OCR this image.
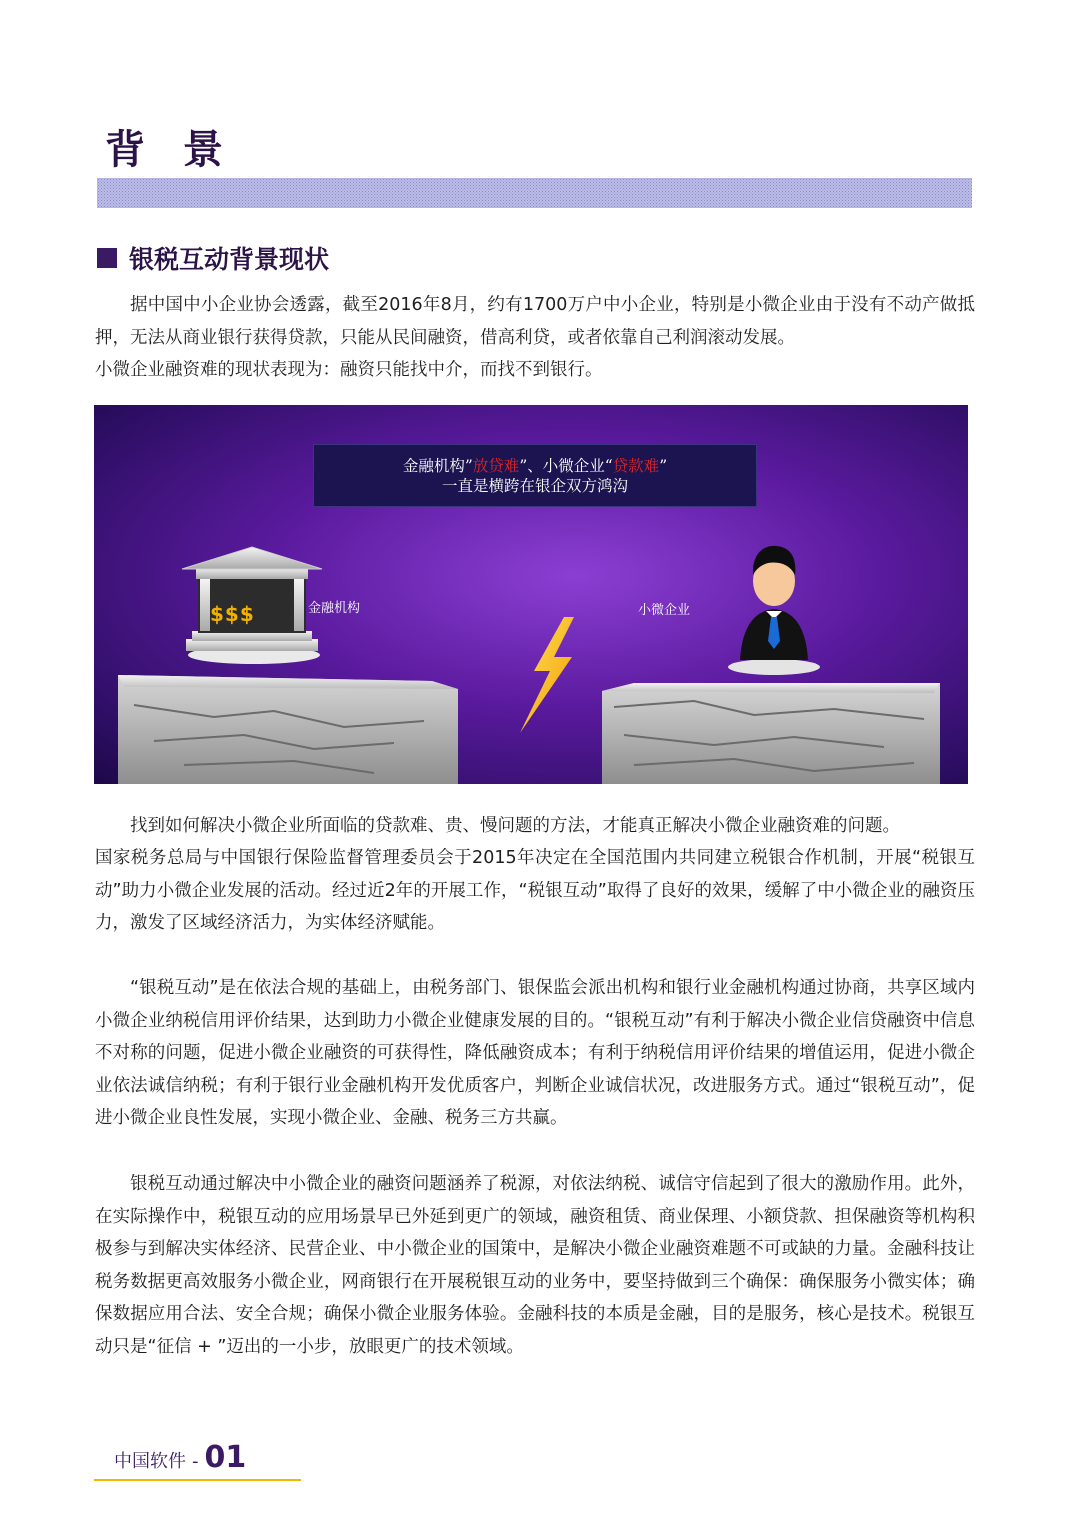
背 景
银税互动背景现状

据中国中小企业协会透露，截至2016年8月，约有1700万户中小企业，特别是小微企业由于没有不动产做抵押，无法从商业银行获得贷款，只能从民间融资，借高利贷，或者依靠自己利润滚动发展。

小微企业融资难的现状表现为：融资只能找中介，而找不到银行。

金融机构”放贷难”、小微企业“贷款难”
一直是横跨在银企双方鸿沟
$$$	金融机构	小微企业

找到如何解决小微企业所面临的贷款难、贵、慢问题的方法，才能真正解决小微企业融资难的问题。

国家税务总局与中国银行保险监督管理委员会于2015年决定在全国范围内共同建立税银合作机制，开展“税银互动”助力小微企业发展的活动。经过近2年的开展工作，“税银互动”取得了良好的效果，缓解了中小微企业的融资压力，激发了区域经济活力，为实体经济赋能。

“银税互动”是在依法合规的基础上，由税务部门、银保监会派出机构和银行业金融机构通过协商，共享区域内小微企业纳税信用评价结果，达到助力小微企业健康发展的目的。“银税互动”有利于解决小微企业信贷融资中信息不对称的问题，促进小微企业融资的可获得性，降低融资成本；有利于纳税信用评价结果的增值运用，促进小微企业依法诚信纳税；有利于银行业金融机构开发优质客户，判断企业诚信状况，改进服务方式。通过“银税互动”，促进小微企业良性发展，实现小微企业、金融、税务三方共赢。

银税互动通过解决中小微企业的融资问题涵养了税源，对依法纳税、诚信守信起到了很大的激励作用。此外，在实际操作中，税银互动的应用场景早已外延到更广的领域，融资租赁、商业保理、小额贷款、担保融资等机构积极参与到解决实体经济、民营企业、中小微企业的国策中，是解决小微企业融资难题不可或缺的力量。金融科技让税务数据更高效服务小微企业，网商银行在开展税银互动的业务中，要坚持做到三个确保：确保服务小微实体；确保数据应用合法、安全合规；确保小微企业服务体验。金融科技的本质是金融，目的是服务，核心是技术。税银互动只是“征信 + ”迈出的一小步，放眼更广的技术领域。

中国软件 - 01
